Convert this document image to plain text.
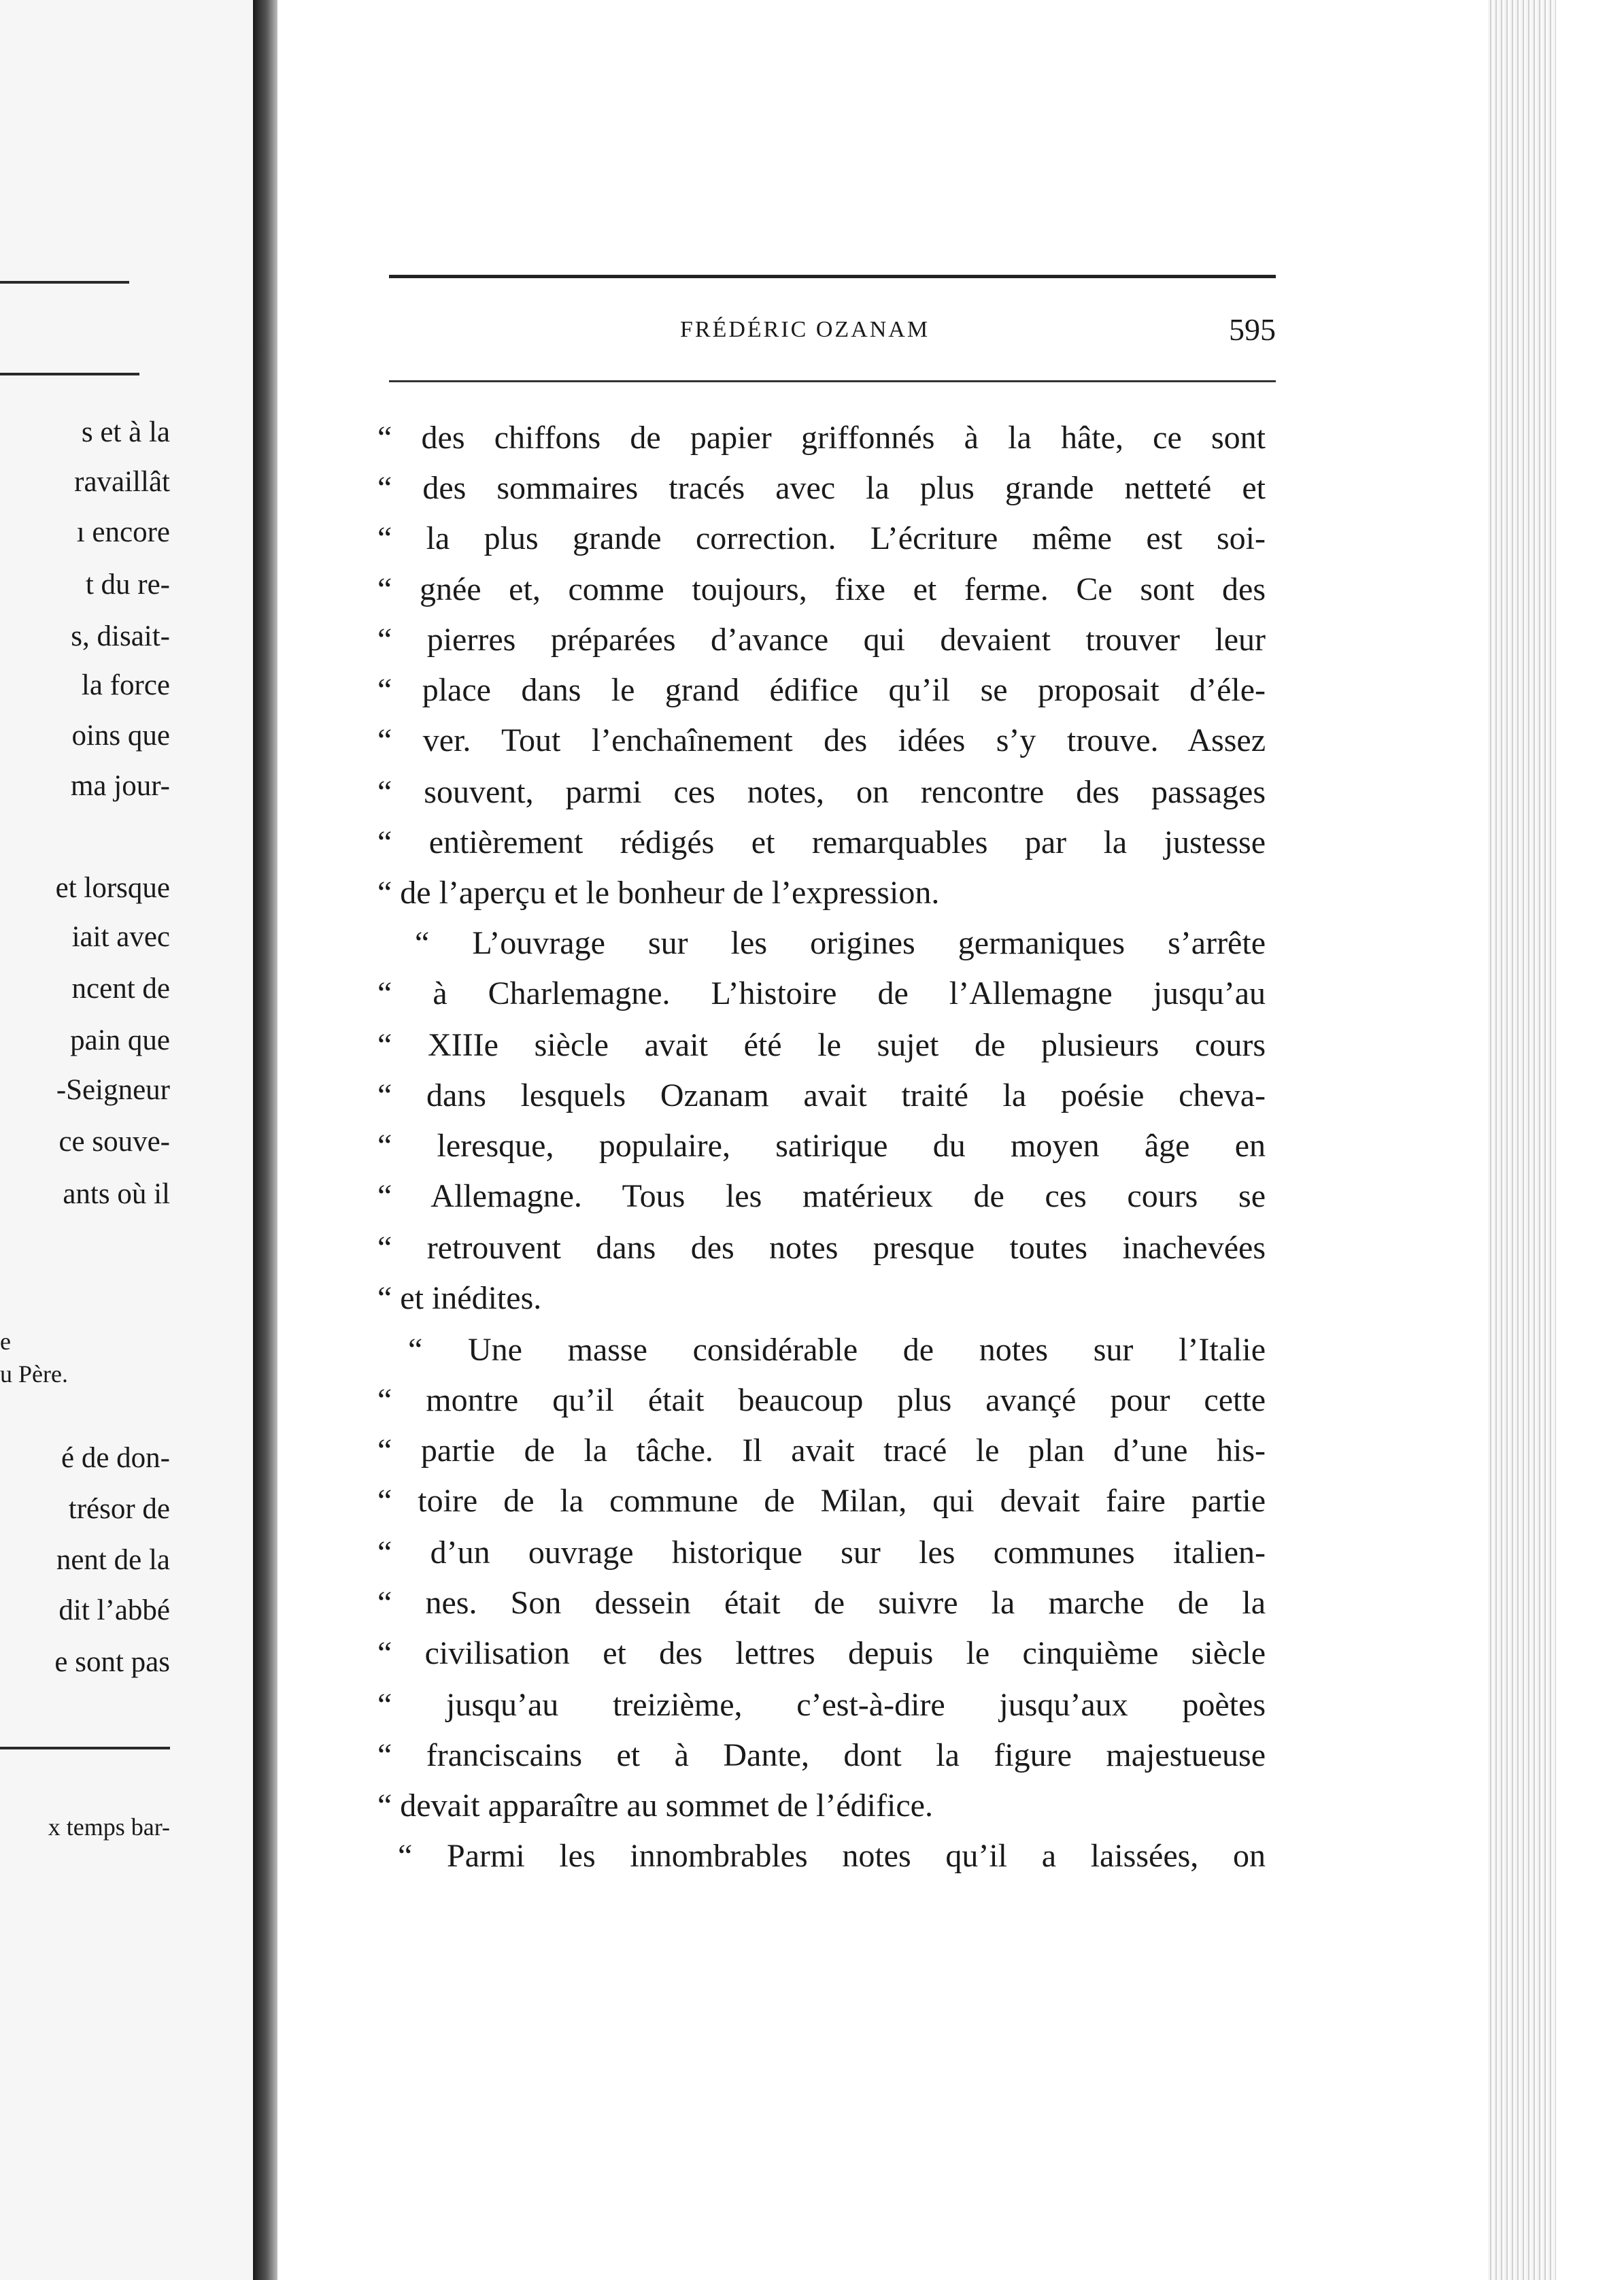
s et à la
ravaillât
ı encore
t du re-
s, disait-
la force
oins que
ma jour-
et lorsque
iait avec
ncent de
pain que
-Seigneur
ce souve-
ants où il
e
u Père.
é de don-
trésor de
nent de la
dit l’abbé
e sont pas
x temps bar-
FRÉDÉRIC OZANAM	595
“ des chiffons de papier griffonnés à la hâte, ce sont
“ des sommaires tracés avec la plus grande netteté et
“ la plus grande correction. L’écriture même est soi-
“ gnée et, comme toujours, fixe et ferme. Ce sont des
“ pierres préparées d’avance qui devaient trouver leur
“ place dans le grand édifice qu’il se proposait d’éle-
“ ver. Tout l’enchaînement des idées s’y trouve. Assez
“ souvent, parmi ces notes, on rencontre des passages
“ entièrement rédigés et remarquables par la justesse
“ de l’aperçu et le bonheur de l’expression.
“ L’ouvrage sur les origines germaniques s’arrête
“ à Charlemagne. L’histoire de l’Allemagne jusqu’au
“ XIIIe siècle avait été le sujet de plusieurs cours
“ dans lesquels Ozanam avait traité la poésie cheva-
“ leresque, populaire, satirique du moyen âge en
“ Allemagne. Tous les matérieux de ces cours se
“ retrouvent dans des notes presque toutes inachevées
“ et inédites.
“ Une masse considérable de notes sur l’Italie
“ montre qu’il était beaucoup plus avançé pour cette
“ partie de la tâche. Il avait tracé le plan d’une his-
“ toire de la commune de Milan, qui devait faire partie
“ d’un ouvrage historique sur les communes italien-
“ nes. Son dessein était de suivre la marche de la
“ civilisation et des lettres depuis le cinquième siècle
“ jusqu’au treizième, c’est-à-dire jusqu’aux poètes
“ franciscains et à Dante, dont la figure majestueuse
“ devait apparaître au sommet de l’édifice.
“ Parmi les innombrables notes qu’il a laissées, on
